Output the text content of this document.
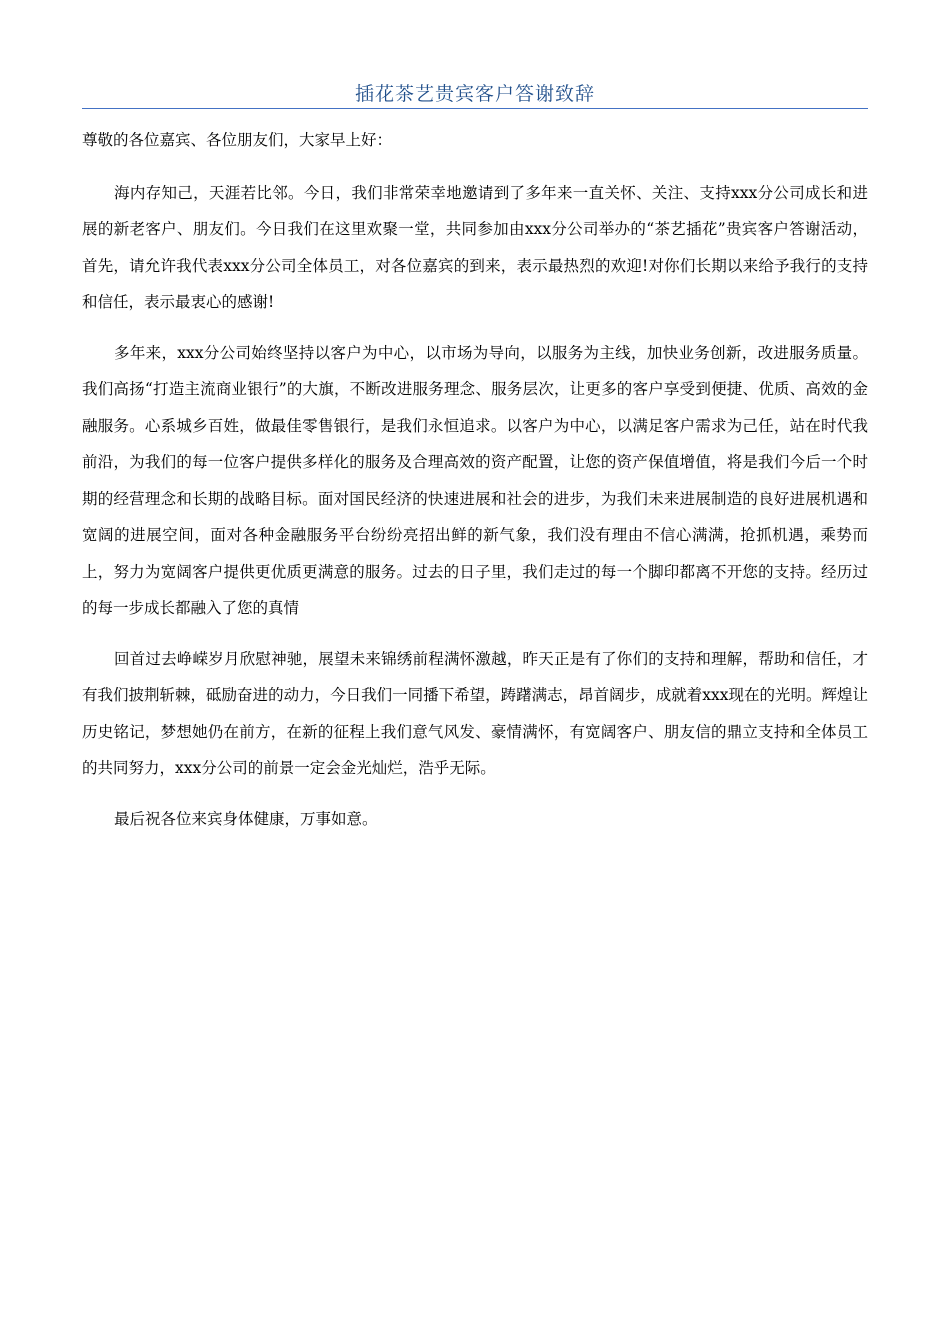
插花茶艺贵宾客户答谢致辞

尊敬的各位嘉宾、各位朋友们，大家早上好：

海内存知己，天涯若比邻。今日，我们非常荣幸地邀请到了多年来一直关怀、关注、支持xxx分公司成长和进展的新老客户、朋友们。今日我们在这里欢聚一堂，共同参加由xxx分公司举办的“茶艺插花”贵宾客户答谢活动，首先，请允许我代表xxx分公司全体员工，对各位嘉宾的到来，表示最热烈的欢迎!对你们长期以来给予我行的支持和信任，表示最衷心的感谢!

多年来，xxx分公司始终坚持以客户为中心，以市场为导向，以服务为主线，加快业务创新，改进服务质量。我们高扬“打造主流商业银行”的大旗，不断改进服务理念、服务层次，让更多的客户享受到便捷、优质、高效的金融服务。心系城乡百姓，做最佳零售银行，是我们永恒追求。以客户为中心，以满足客户需求为己任，站在时代我前沿，为我们的每一位客户提供多样化的服务及合理高效的资产配置，让您的资产保值增值，将是我们今后一个时期的经营理念和长期的战略目标。面对国民经济的快速进展和社会的进步，为我们未来进展制造的良好进展机遇和宽阔的进展空间，面对各种金融服务平台纷纷亮招出鲜的新气象，我们没有理由不信心满满，抢抓机遇，乘势而上，努力为宽阔客户提供更优质更满意的服务。过去的日子里，我们走过的每一个脚印都离不开您的支持。经历过的每一步成长都融入了您的真情

回首过去峥嵘岁月欣慰神驰，展望未来锦绣前程满怀激越，昨天正是有了你们的支持和理解，帮助和信任，才有我们披荆斩棘，砥励奋进的动力，今日我们一同播下希望，踌躇满志，昂首阔步，成就着xxx现在的光明。辉煌让历史铭记，梦想她仍在前方，在新的征程上我们意气风发、豪情满怀，有宽阔客户、朋友信的鼎立支持和全体员工的共同努力，xxx分公司的前景一定会金光灿烂，浩乎无际。

最后祝各位来宾身体健康，万事如意。
